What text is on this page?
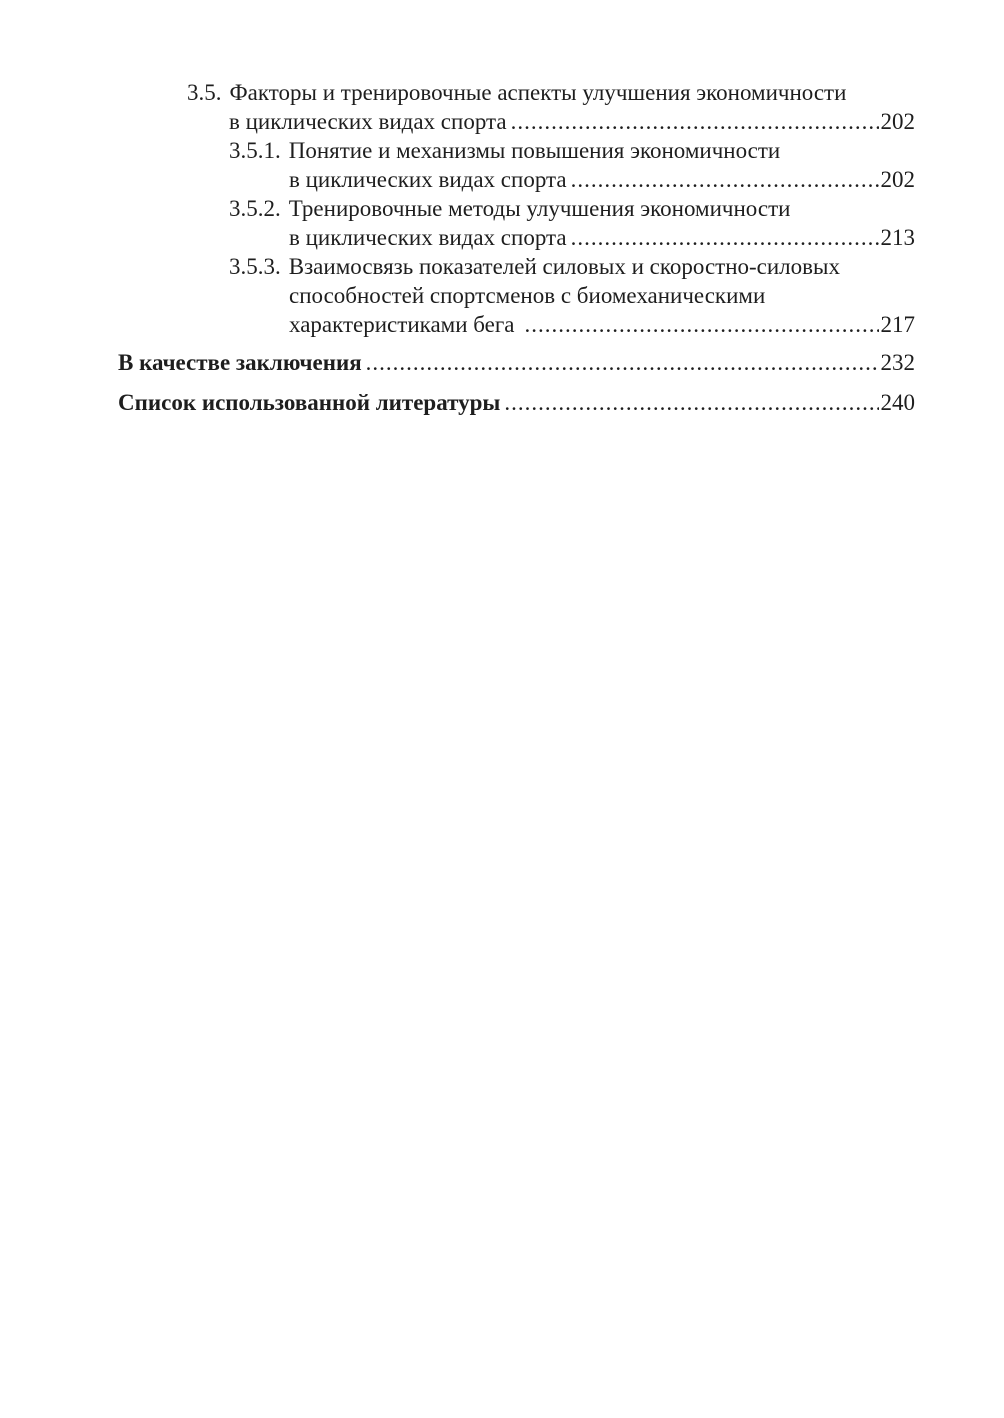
3.5. Факторы и тренировочные аспекты улучшения экономичности
в циклических видах спорта .....	202
3.5.1. Понятие и механизмы повышения экономичности
в циклических видах спорта .....	202
3.5.2. Тренировочные методы улучшения экономичности
в циклических видах спорта .....	213
3.5.3. Взаимосвязь показателей силовых и скоростно-силовых
способностей спортсменов с биомеханическими
характеристиками бега .....	217
В качестве заключения .....	232
Список использованной литературы .....	240
